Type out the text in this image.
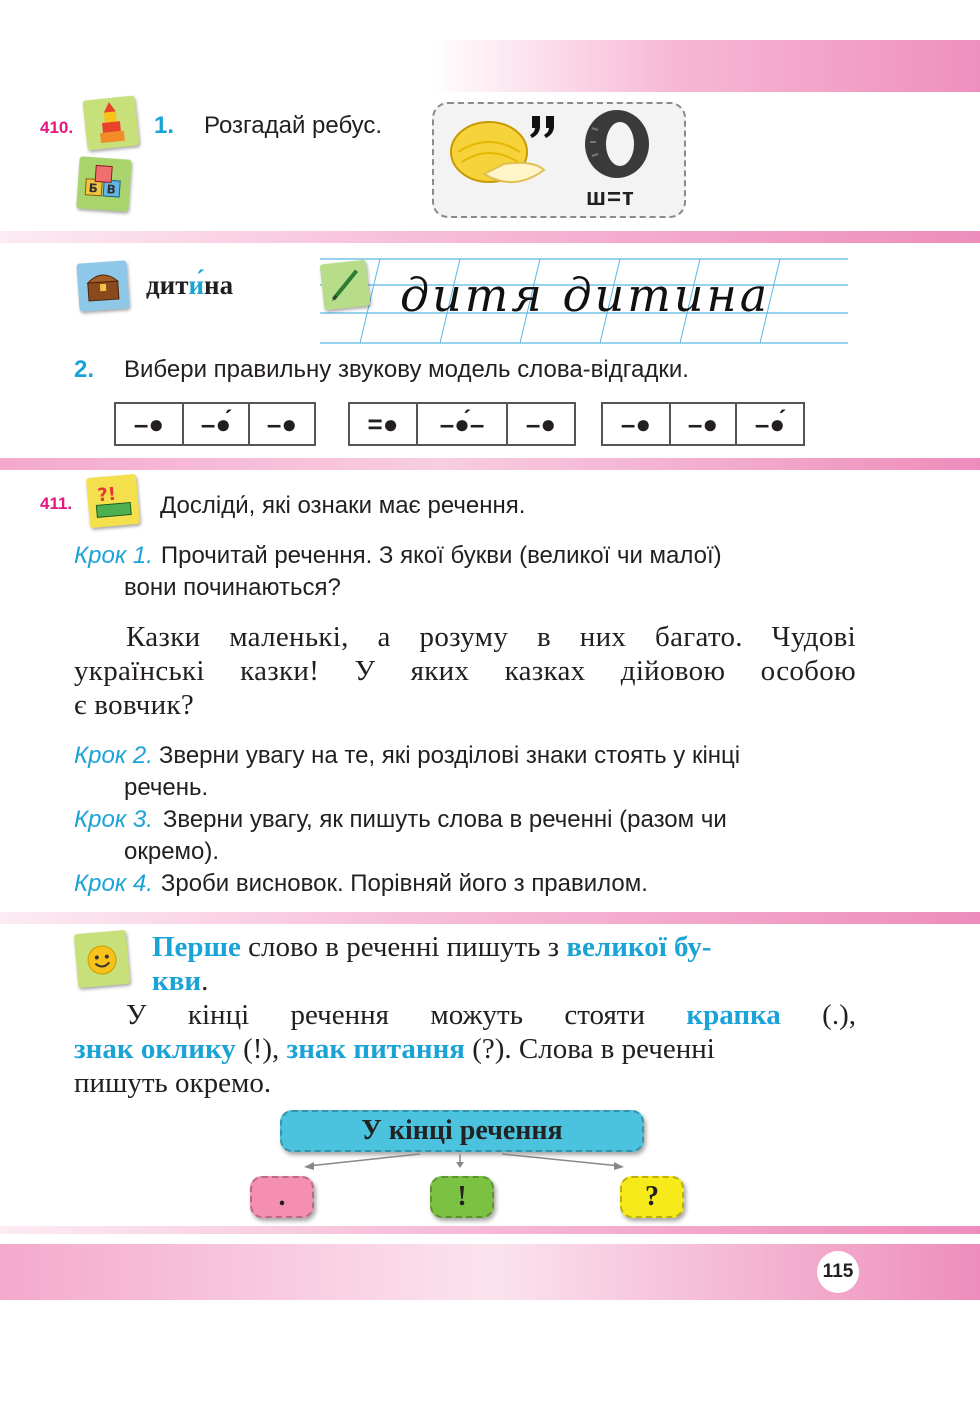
410.
Б В
1. Розгадай ребус.
ш=т
дити́на	дитя дитина
2. Вибери правильну звукову модель слова-відгадки.
–●	–●́	–●	=●	–●́–	–●	–●	–●	–●́
411. ?! Досліди́, які ознаки має речення.
Крок 1. Прочитай речення. З якої букви (великої чи малої)
вони починаються?
Казки маленькі, а розуму в них багато. Чудові
українські казки! У яких казках дійовою особою
є вовчик?
Крок 2. Зверни увагу на те, які розділові знаки стоять у кінці
речень.
Крок 3. Зверни увагу, як пишуть слова в реченні (разом чи
окремо).
Крок 4. Зроби висновок. Порівняй його з правилом.
Перше слово в реченні пишуть з великої бу-
кви.
У кінці речення можуть стояти крапка (.),
знак оклику (!), знак питання (?). Слова в реченні
пишуть окремо.
У кінці речення
.	!	?
115
